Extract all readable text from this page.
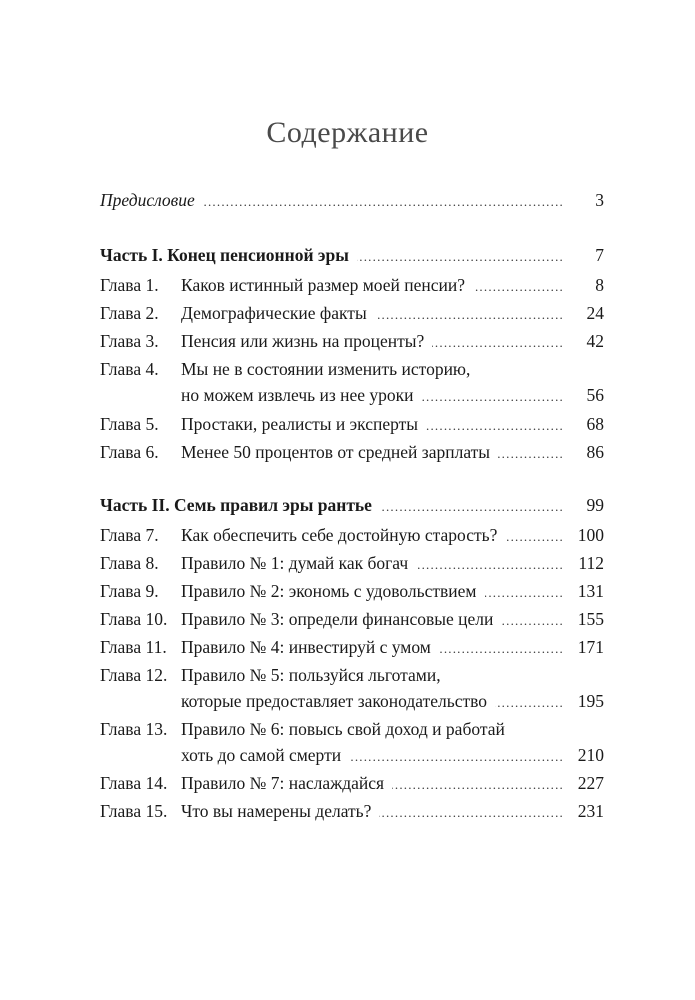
Содержание
Предисловие .....	3
Часть I. Конец пенсионной эры .....	7
Глава 1.	Каков истинный размер моей пенсии? .....	8
Глава 2.	Демографические факты .....	24
Глава 3.	Пенсия или жизнь на проценты? .....	42
Глава 4.	Мы не в состоянии изменить историю,
но можем извлечь из нее уроки .....	56
Глава 5.	Простаки, реалисты и эксперты .....	68
Глава 6.	Менее 50 процентов от средней зарплаты .....	86
Часть II. Семь правил эры рантье .....	99
Глава 7.	Как обеспечить себе достойную старость? .....	100
Глава 8.	Правило № 1: думай как богач .....	112
Глава 9.	Правило № 2: экономь с удовольствием .....	131
Глава 10. Правило № 3: определи финансовые цели .....	155
Глава 11. Правило № 4: инвестируй с умом .....	171
Глава 12. Правило № 5: пользуйся льготами,
которые предоставляет законодательство .....	195
Глава 13. Правило № 6: повысь свой доход и работай
хоть до самой смерти .....	210
Глава 14. Правило № 7: наслаждайся .....	227
Глава 15. Что вы намерены делать? .....	231
